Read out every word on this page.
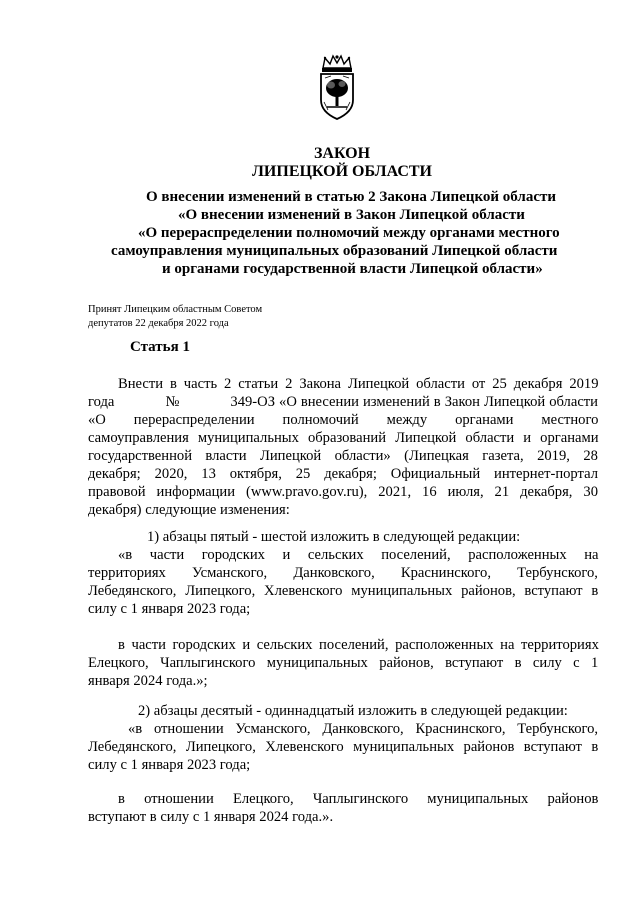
ЗАКОН
ЛИПЕЦКОЙ ОБЛАСТИ
О внесении изменений в статью 2 Закона Липецкой области
«О внесении изменений в Закон Липецкой области
«О перераспределении полномочий между органами местного
самоуправления муниципальных образований Липецкой области
и органами государственной власти Липецкой области»
Принят Липецким областным Советом
депутатов 22 декабря 2022 года
Статья 1
Внести в часть 2 статьи 2 Закона Липецкой области от 25 декабря 2019
года № 349-ОЗ «О внесении изменений в Закон Липецкой области
«О перераспределении полномочий между органами местного
самоуправления муниципальных образований Липецкой области и органами
государственной власти Липецкой области» (Липецкая газета, 2019, 28
декабря; 2020, 13 октября, 25 декабря; Официальный интернет-портал
правовой информации (www.pravo.gov.ru), 2021, 16 июля, 21 декабря, 30
декабря) следующие изменения:
1) абзацы пятый - шестой изложить в следующей редакции:
«в части городских и сельских поселений, расположенных на
территориях Усманского, Данковского, Краснинского, Тербунского,
Лебедянского, Липецкого, Хлевенского муниципальных районов, вступают в
силу с 1 января 2023 года;
в части городских и сельских поселений, расположенных на территориях
Елецкого, Чаплыгинского муниципальных районов, вступают в силу с 1
января 2024 года.»;
2) абзацы десятый - одиннадцатый изложить в следующей редакции:
«в отношении Усманского, Данковского, Краснинского, Тербунского,
Лебедянского, Липецкого, Хлевенского муниципальных районов вступают в
силу с 1 января 2023 года;
в отношении Елецкого, Чаплыгинского муниципальных районов
вступают в силу с 1 января 2024 года.».
